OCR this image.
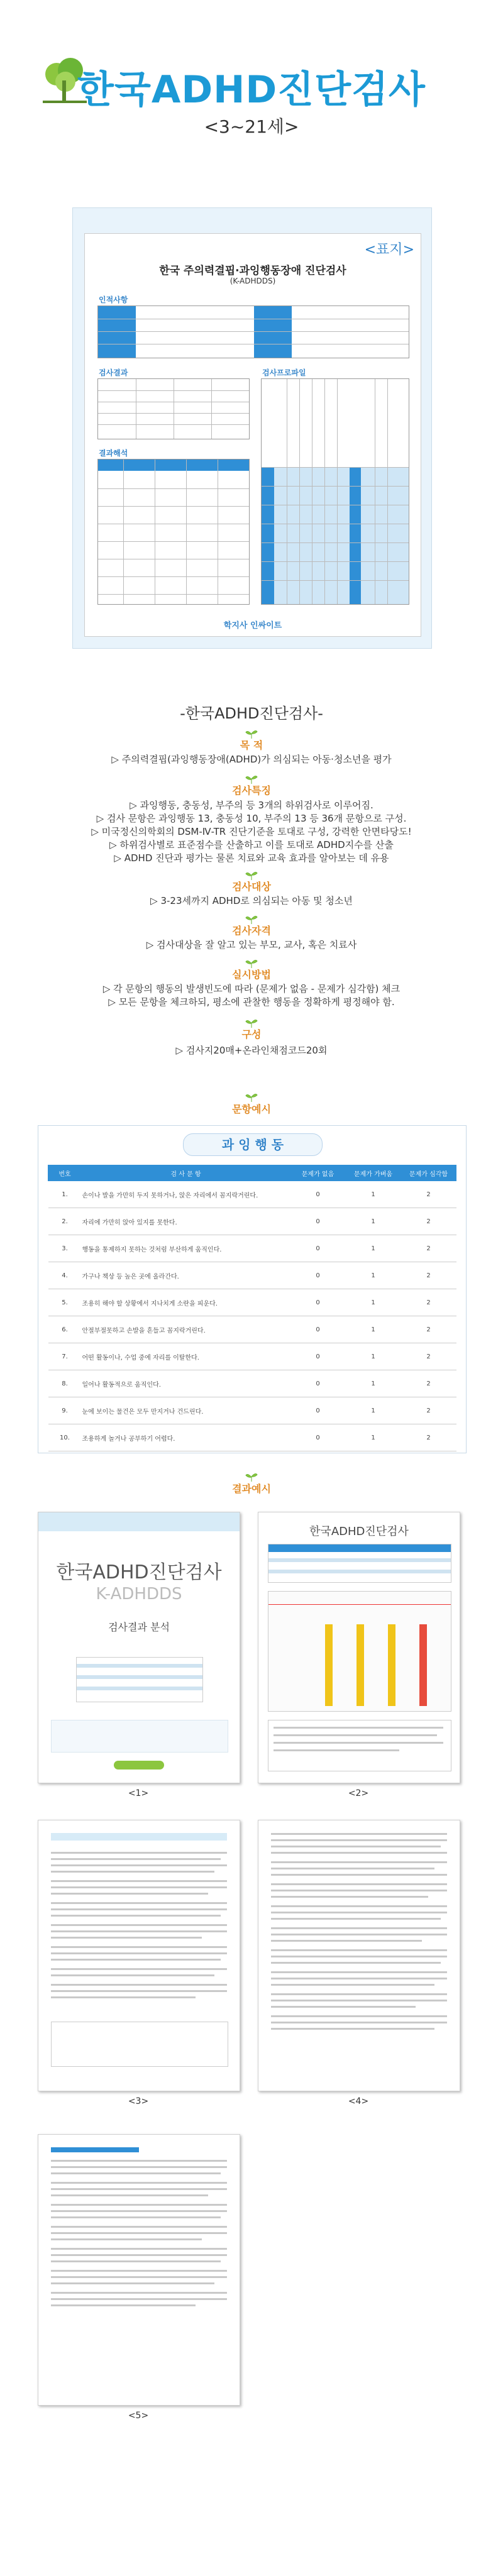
한국ADHD진단검사
<3~21세>
<표지>
한국 주의력결핍·과잉행동장애 진단검사
(K-ADHDDS)
인적사항
검사결과
결과해석
검사프로파일
학지사 인싸이트
-한국ADHD진단검사-
목 적
▷ 주의력결핍(과잉행동장애(ADHD)가 의심되는 아동·청소년을 평가
검사특징
▷ 과잉행동, 충동성, 부주의 등 3개의 하위검사로 이루어짐.
▷ 검사 문항은 과잉행동 13, 충동성 10, 부주의 13 등 36개 문항으로 구성.
▷ 미국정신의학회의 DSM-Ⅳ-TR 진단기준을 토대로 구성, 강력한 안면타당도!
▷ 하위검사별로 표준점수를 산출하고 이를 토대로 ADHD지수를 산출
▷ ADHD 진단과 평가는 물론 치료와 교육 효과를 알아보는 데 유용
검사대상
▷ 3-23세까지 ADHD로 의심되는 아동 및 청소년
검사자격
▷ 검사대상을 잘 알고 있는 부모, 교사, 혹은 치료사
실시방법
▷ 각 문항의 행동의 발생빈도에 따라 (문제가 없음 - 문제가 심각함) 체크
▷ 모든 문항을 체크하되, 평소에 관찰한 행동을 정확하게 평정해야 함.
구성
▷ 검사지20매+온라인채점코드20회
문항예시
과 잉 행 동
번호	검 사 문 항	문제가 없음	문제가 가벼움	문제가 심각함
1.	손이나 발을 가만히 두지 못하거나, 앉은 자리에서 꼼지락거린다.	0	1	2
2.	자리에 가만히 앉아 있지를 못한다.	0	1	2
3.	행동을 통제하지 못하는 것처럼 부산하게 움직인다.	0	1	2
4.	가구나 책상 등 높은 곳에 올라간다.	0	1	2
5.	조용히 해야 할 상황에서 지나치게 소란을 피운다.	0	1	2
6.	안절부절못하고 손발을 흔들고 꼼지락거린다.	0	1	2
7.	어떤 활동이나, 수업 중에 자리를 이탈한다.	0	1	2
8.	일어나 활동적으로 움직인다.	0	1	2
9.	눈에 보이는 물건은 모두 만지거나 건드린다.	0	1	2
10.	조용하게 놀거나 공부하기 어렵다.	0	1	2
결과예시
한국ADHD진단검사
K-ADHDDS
검사결과 분석
<1>
한국ADHD진단검사
<2>
<3>	<4>
<5>
